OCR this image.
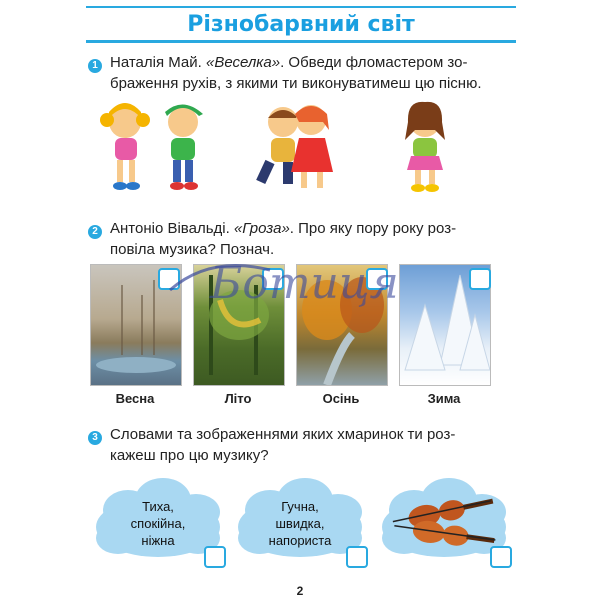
Різнобарвний світ
1 Наталія Май. «Веселка». Обведи фломастером зо-
браження рухів, з якими ти виконуватимеш цю пісню.
2 Антоніо Вівальді. «Гроза». Про яку пору року роз-
повіла музика? Познач.
Весна	Літо	Осінь	Зима
Ботиця
3 Словами та зображеннями яких хмаринок ти роз-
кажеш про цю музику?
Тиха,
спокійна,
ніжна
Гучна,
швидка,
напориста
2
